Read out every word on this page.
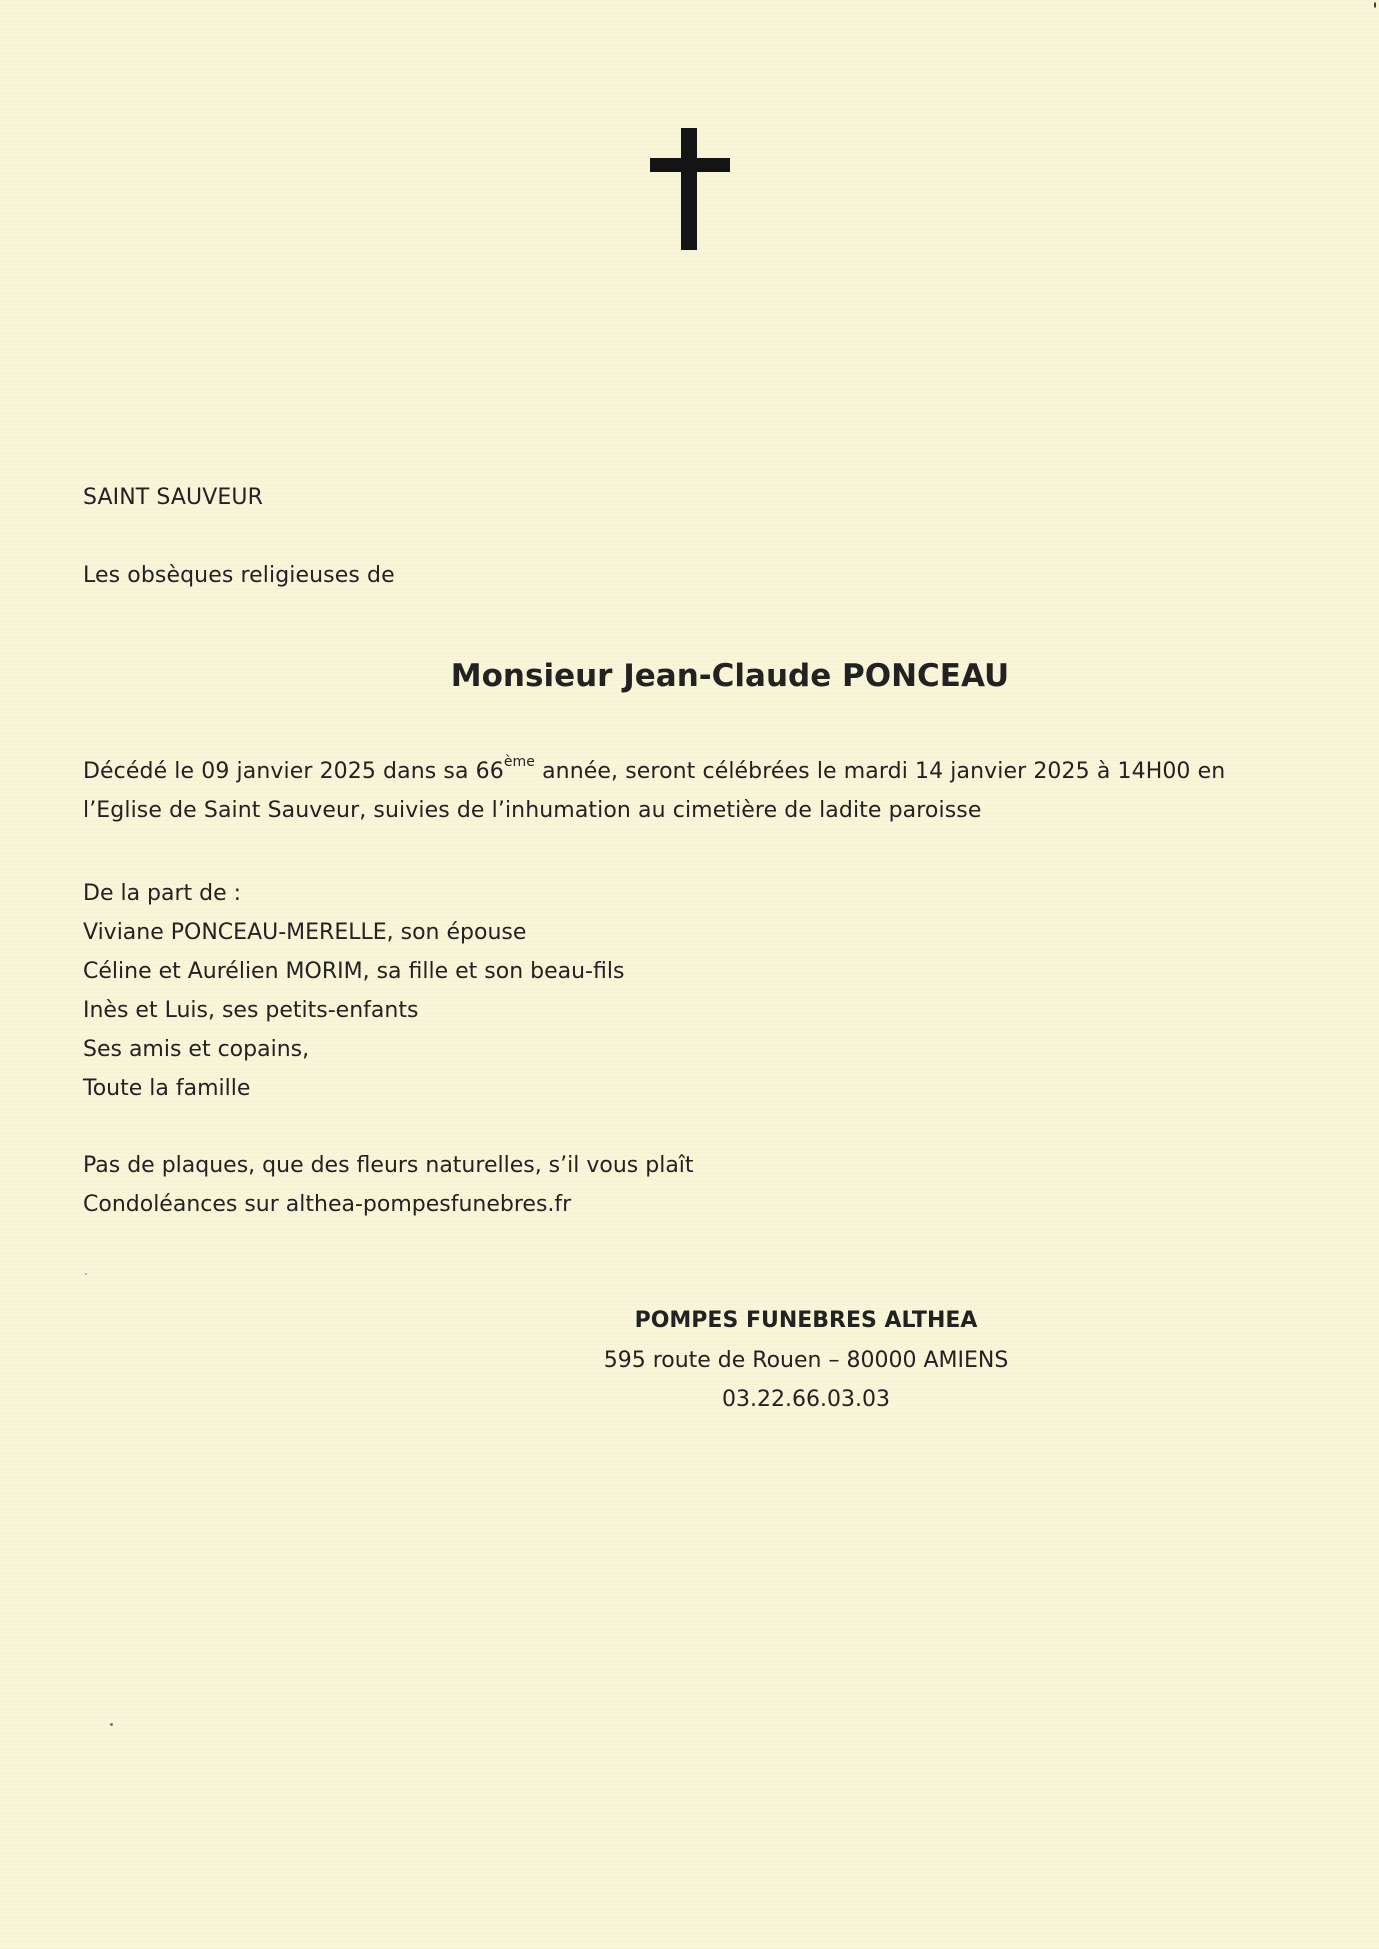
SAINT SAUVEUR
Les obsèques religieuses de
Monsieur Jean-Claude PONCEAU
Décédé le 09 janvier 2025 dans sa 66ème année, seront célébrées le mardi 14 janvier 2025 à 14H00 en
l’Eglise de Saint Sauveur, suivies de l’inhumation au cimetière de ladite paroisse
De la part de :
Viviane PONCEAU-MERELLE, son épouse
Céline et Aurélien MORIM, sa fille et son beau-fils
Inès et Luis, ses petits-enfants
Ses amis et copains,
Toute la famille
Pas de plaques, que des fleurs naturelles, s’il vous plaît
Condoléances sur althea-pompesfunebres.fr
POMPES FUNEBRES ALTHEA
595 route de Rouen – 80000 AMIENS
03.22.66.03.03
